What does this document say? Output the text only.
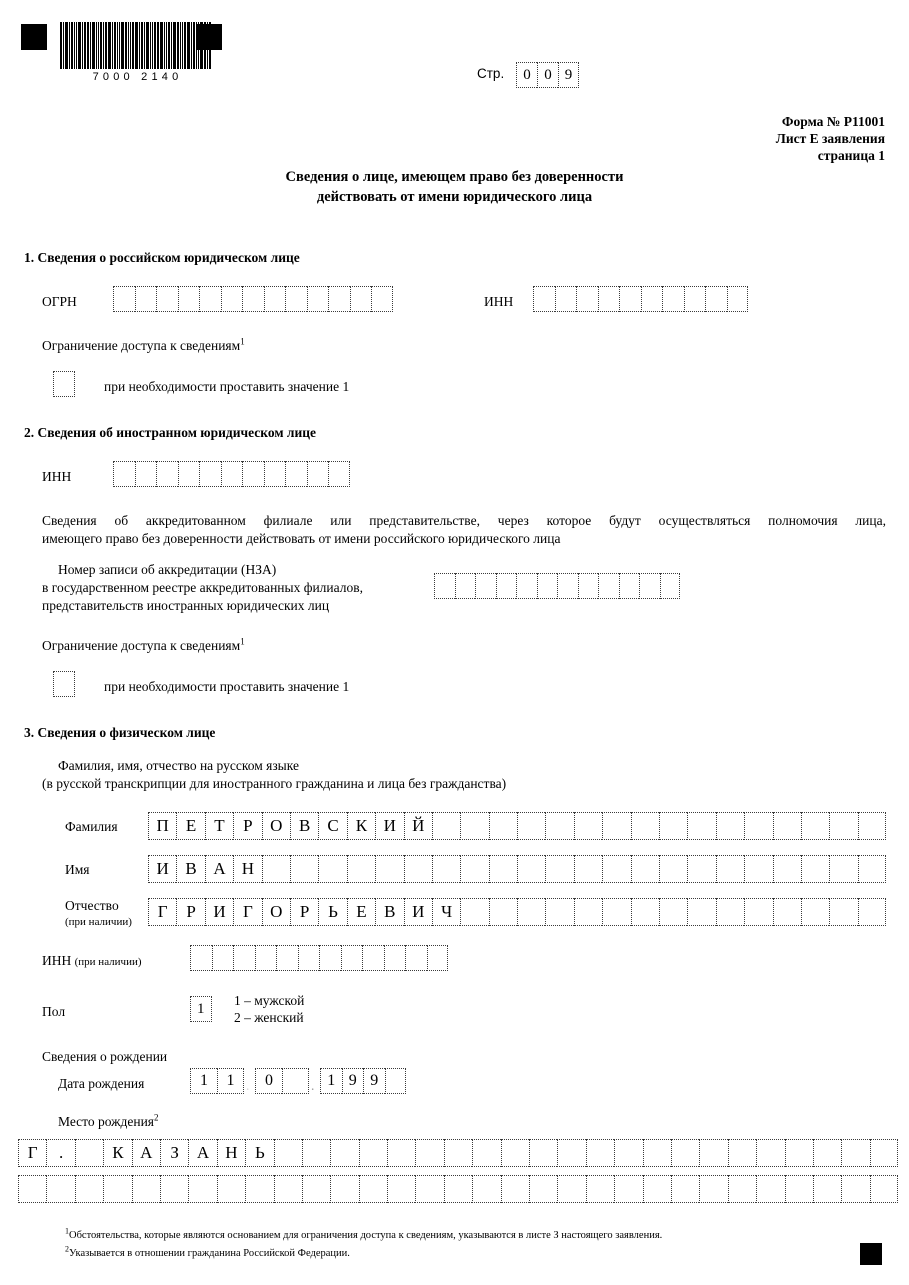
7000 2140	Стр.	0 0 9
Форма № Р11001
Лист Е заявления
страница 1
Сведения о лице, имеющем право без доверенности
действовать от имени юридического лица
1. Сведения о российском юридическом лице
ОГРН	ИНН
Ограничение доступа к сведениям$^1$
при необходимости проставить значение 1
2. Сведения об иностранном юридическом лице
ИНН
Сведения об аккредитованном филиале или представительстве, через которое будут осуществляться полномочия лица,
имеющего право без доверенности действовать от имени российского юридического лица
Номер записи об аккредитации (НЗА)
в государственном реестре аккредитованных филиалов,
представительств иностранных юридических лиц
Ограничение доступа к сведениям$^1$
при необходимости проставить значение 1
3. Сведения о физическом лице
Фамилия, имя, отчество на русском языке
(в русской транскрипции для иностранного гражданина и лица без гражданства)
Фамилия	П	Е	Т	Р	О В	С	К И Й
Имя	И В А Н
Отчество
(при наличии)
Г	Р	И	Г	О	Р	Ь	Е	В И Ч
ИНН (при наличии)
Пол	1	1 – мужской
2 – женский
Сведения о рождении
Дата рождения	1	1 . 0	. 1 9 9
Место рождения$^2$
Г	.	К А	З	А Н	Ь
$^1$Обстоятельства, которые являются основанием для ограничения доступа к сведениям, указываются в листе З настоящего заявления.
$^2$Указывается в отношении гражданина Российской Федерации.
